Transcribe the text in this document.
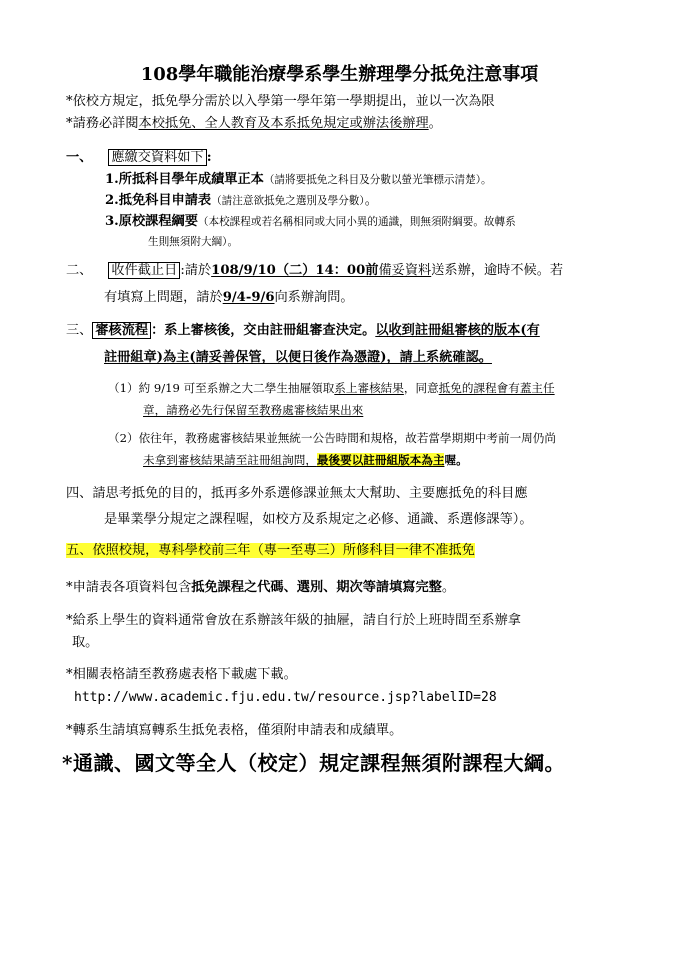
108學年職能治療學系學生辦理學分抵免注意事項
*依校方規定，抵免學分需於以入學第一學年第一學期提出，並以一次為限
*請務必詳閱本校抵免、全人教育及本系抵免規定或辦法後辦理。
一、 應繳交資料如下 :
1.所抵科目學年成績單正本（請將要抵免之科目及分數以螢光筆標示清楚）。
2.抵免科目申請表（請注意欲抵免之選別及學分數）。
3.原校課程綱要（本校課程或若名稱相同或大同小異的通識，則無須附綱要。故轉系
生則無須附大綱）。
二、 收件截止日 :請於108/9/10（二）14：00前備妥資料送系辦，逾時不候。若
有填寫上問題，請於9/4-9/6向系辦詢問。
三、 審核流程 ：系上審核後，交由註冊組審查決定。以收到註冊組審核的版本(有
註冊組章)為主(請妥善保管，以便日後作為憑證)，請上系統確認。
（1）約 9/19 可至系辦之大二學生抽屜領取系上審核結果，同意抵免的課程會有蓋主任
章，請務必先行保留至教務處審核結果出來
（2）依往年，教務處審核結果並無統一公告時間和規格，故若當學期期中考前一周仍尚
未拿到審核結果請至註冊組詢問，最後要以註冊組版本為主喔。
四、請思考抵免的目的，抵再多外系選修課並無太大幫助、主要應抵免的科目應
是畢業學分規定之課程喔，如校方及系規定之必修、通識、系選修課等）。
五、依照校規，專科學校前三年（專一至專三）所修科目一律不准抵免
*申請表各項資料包含抵免課程之代碼、選別、期次等請填寫完整。
*給系上學生的資料通常會放在系辦該年級的抽屜，請自行於上班時間至系辦拿
取。
*相關表格請至教務處表格下載處下載。
http://www.academic.fju.edu.tw/resource.jsp?labelID=28
*轉系生請填寫轉系生抵免表格，僅須附申請表和成績單。
*通識、國文等全人（校定）規定課程無須附課程大綱。
